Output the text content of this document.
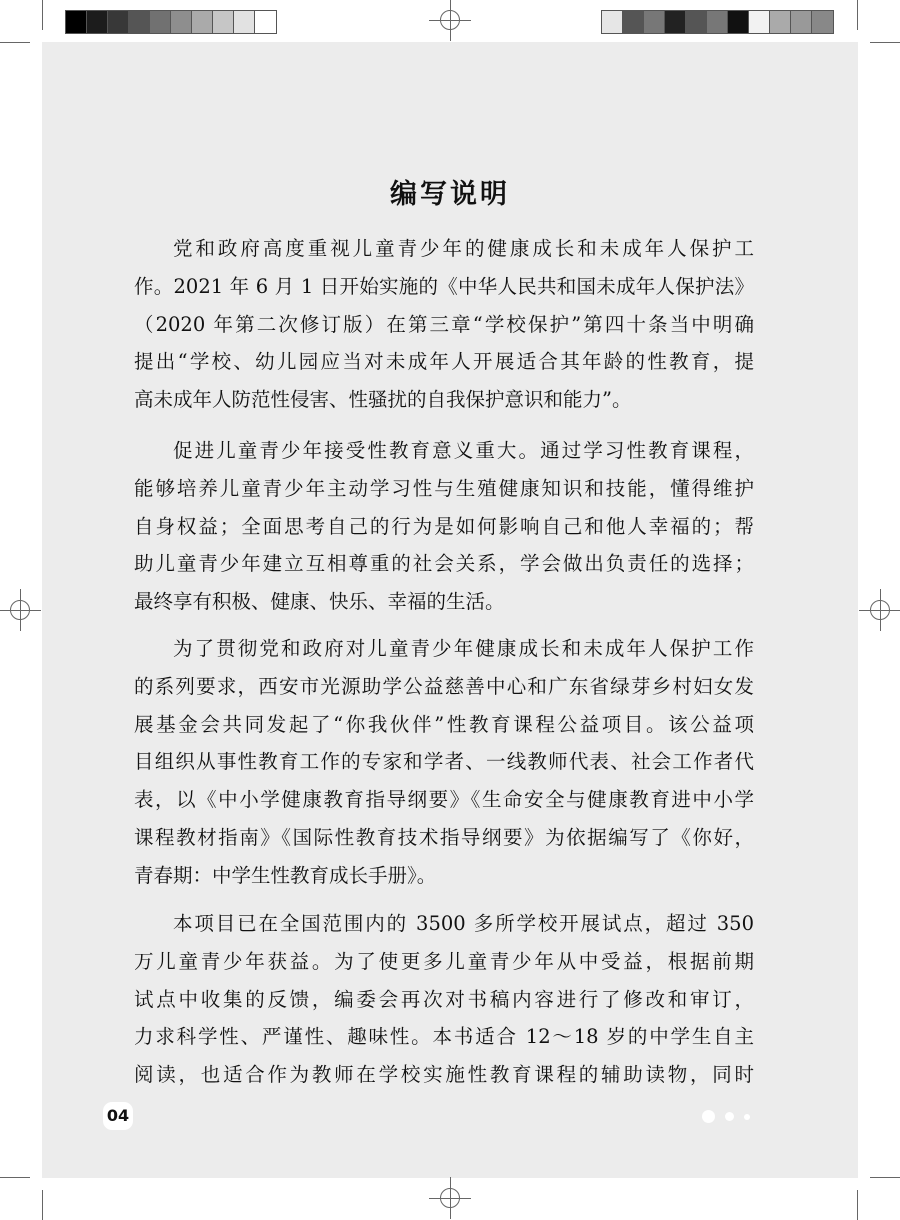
编写说明

党和政府高度重视儿童青少年的健康成长和未成年人保护工
作。2021 年 6 月 1 日开始实施的《中华人民共和国未成年人保护法》
（2020 年第二次修订版）在第三章“学校保护”第四十条当中明确
提出“学校、幼儿园应当对未成年人开展适合其年龄的性教育，提
高未成年人防范性侵害、性骚扰的自我保护意识和能力”。

促进儿童青少年接受性教育意义重大。通过学习性教育课程，
能够培养儿童青少年主动学习性与生殖健康知识和技能，懂得维护
自身权益；全面思考自己的行为是如何影响自己和他人幸福的；帮
助儿童青少年建立互相尊重的社会关系，学会做出负责任的选择；
最终享有积极、健康、快乐、幸福的生活。

为了贯彻党和政府对儿童青少年健康成长和未成年人保护工作
的系列要求，西安市光源助学公益慈善中心和广东省绿芽乡村妇女发
展基金会共同发起了“你我伙伴”性教育课程公益项目。该公益项
目组织从事性教育工作的专家和学者、一线教师代表、社会工作者代
表，以《中小学健康教育指导纲要》《生命安全与健康教育进中小学
课程教材指南》《国际性教育技术指导纲要》为依据编写了《你好，
青春期：中学生性教育成长手册》。

本项目已在全国范围内的 3500 多所学校开展试点，超过 350
万儿童青少年获益。为了使更多儿童青少年从中受益，根据前期
试点中收集的反馈，编委会再次对书稿内容进行了修改和审订，
力求科学性、严谨性、趣味性。本书适合 12～18 岁的中学生自主
阅读，也适合作为教师在学校实施性教育课程的辅助读物，同时

04
